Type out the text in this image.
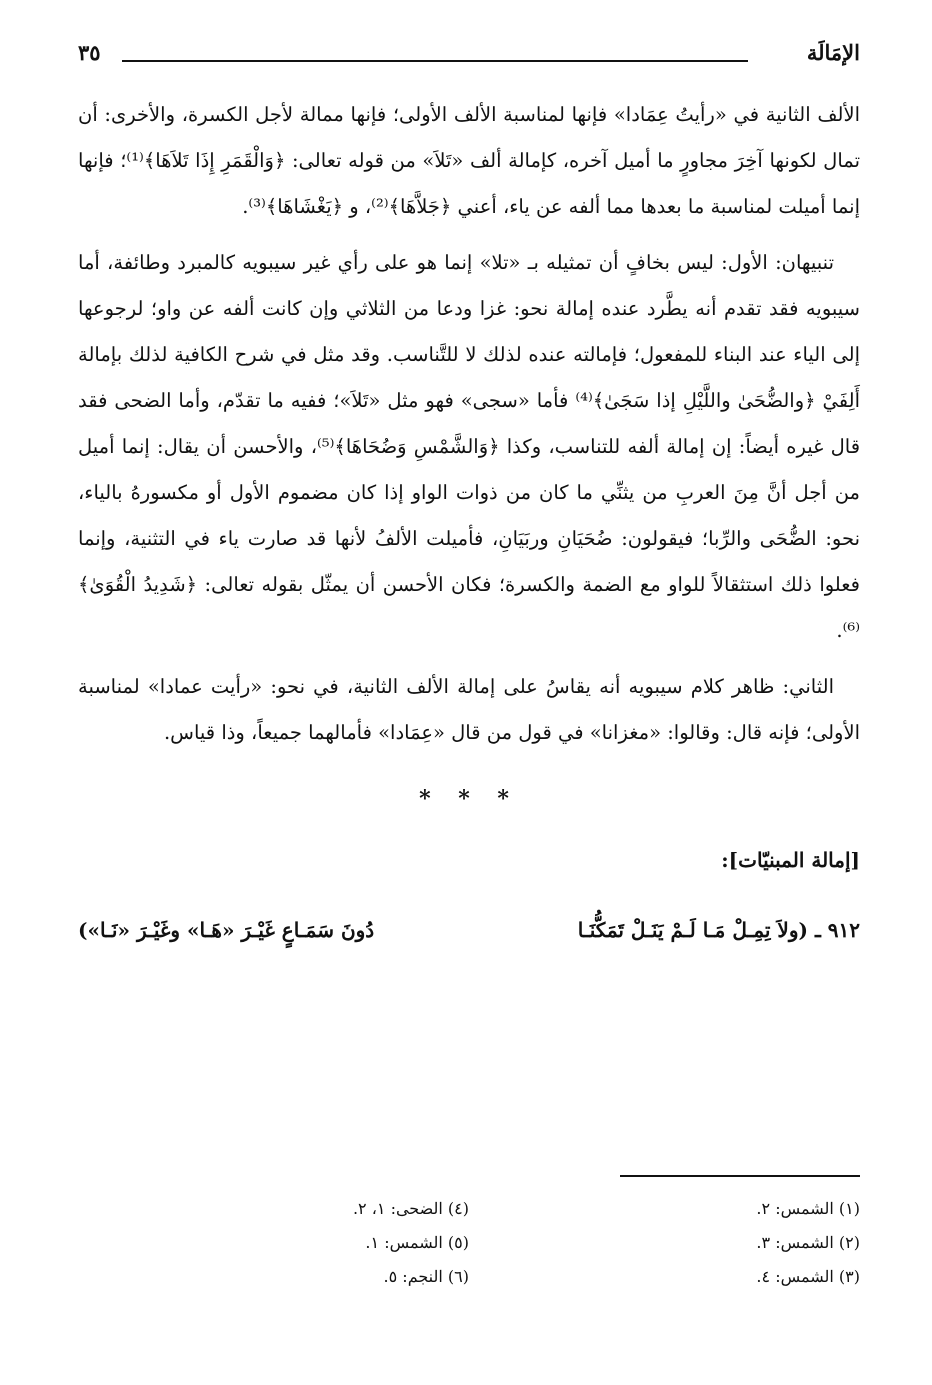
الإمَالَة
٣٥

الألف الثانية في «رأيتُ عِمَادا» فإنها لمناسبة الألف الأولى؛ فإنها ممالة لأجل الكسرة، والأخرى: أن تمال لكونها آخِرَ مجاورٍ ما أميل آخره، كإمالة ألف «تَلاَ» من قوله تعالى: ﴿وَالْقَمَرِ إِذَا تَلاَهَا﴾⁽¹⁾؛ فإنها إنما أميلت لمناسبة ما بعدها مما ألفه عن ياء، أعني ﴿جَلاَّهَا﴾⁽²⁾، و ﴿يَغْشَاهَا﴾⁽³⁾.

تنبيهان: الأول: ليس بخافٍ أن تمثيله بـ «تلا» إنما هو على رأي غير سيبويه كالمبرد وطائفة، أما سيبويه فقد تقدم أنه يطَّرد عنده إمالة نحو: غزا ودعا من الثلاثي وإن كانت ألفه عن واو؛ لرجوعها إلى الياء عند البناء للمفعول؛ فإمالته عنده لذلك لا للتَّناسب. وقد مثل في شرح الكافية لذلك بإمالة أَلِفَيْ ﴿والضُّحَىٰ واللَّيْلِ إذا سَجَىٰ﴾⁽⁴⁾ فأما «سجى» فهو مثل «تَلاَ»؛ ففيه ما تقدّم، وأما الضحى فقد قال غيره أيضاً: إن إمالة ألفه للتناسب، وكذا ﴿وَالشَّمْسِ وَضُحَاهَا﴾⁽⁵⁾، والأحسن أن يقال: إنما أميل من أجل أنَّ مِنَ العربِ من يثنِّي ما كان من ذوات الواو إذا كان مضموم الأول أو مكسورهُ بالياء، نحو: الضُّحَى والرِّبا؛ فيقولون: ضُحَيَانِ وربَيَانِ، فأميلت الألفُ لأنها قد صارت ياء في التثنية، وإنما فعلوا ذلك استثقالاً للواو مع الضمة والكسرة؛ فكان الأحسن أن يمثّل بقوله تعالى: ﴿شَدِيدُ الْقُوَىٰ﴾⁽⁶⁾.

الثاني: ظاهر كلام سيبويه أنه يقاسُ على إمالة الألف الثانية، في نحو: «رأيت عمادا» لمناسبة الأولى؛ فإنه قال: وقالوا: «مغزانا» في قول من قال «عِمَادا» فأمالهما جميعاً، وذا قياس.

* * *
[إمالة المبنيّات]:
٩١٢ ـ (ولاَ تِمِـلْ مَـا لَـمْ يَنَـلْ تَمَكُّنَـا
دُونَ سَمَـاعٍ غَيْـرَ «هَـا» وغَيْـرَ «نَـا»)
(١) الشمس: ٢.
(٢) الشمس: ٣.
(٣) الشمس: ٤.
(٤) الضحى: ١، ٢.
(٥) الشمس: ١.
(٦) النجم: ٥.
